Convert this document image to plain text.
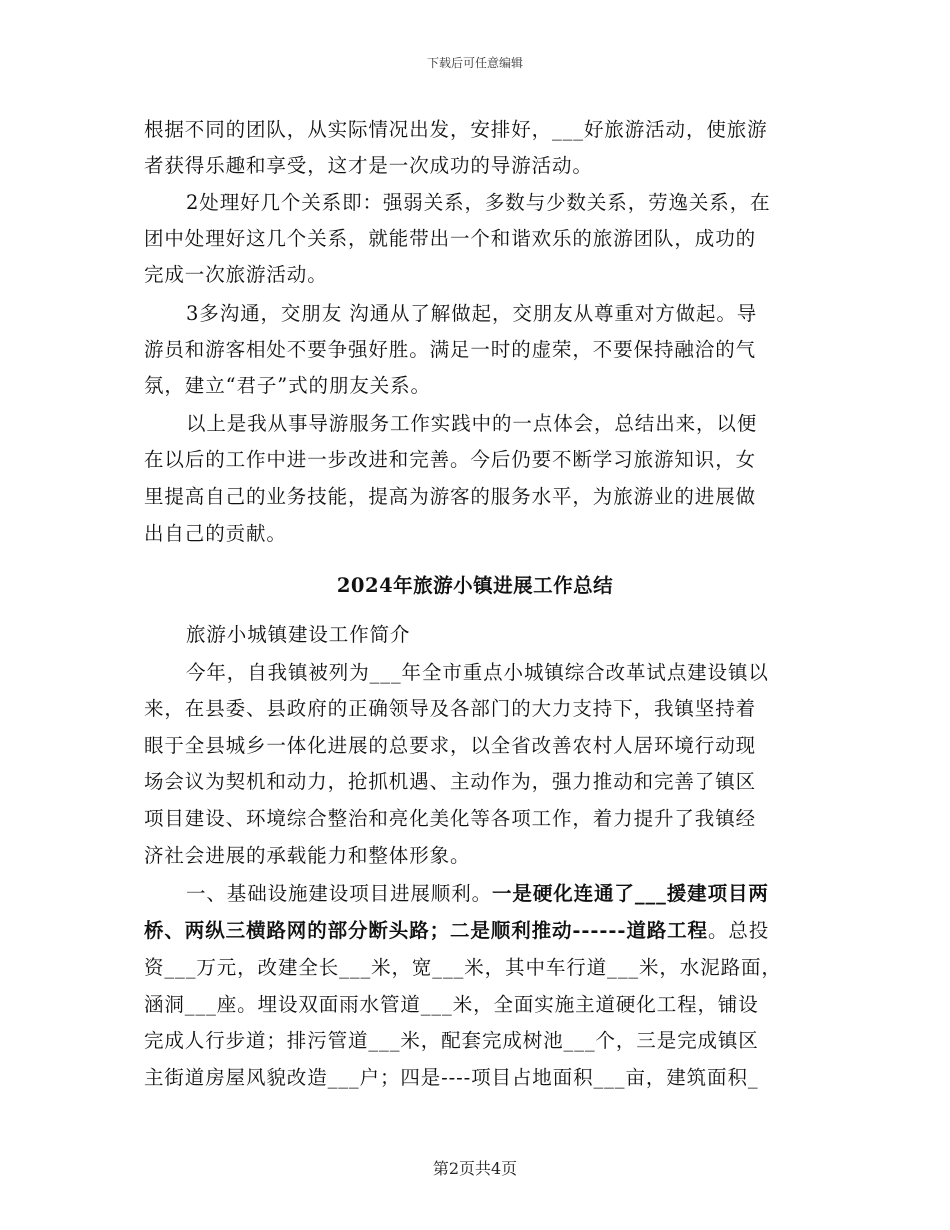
下载后可任意编辑
根据不同的团队，从实际情况出发，安排好，___好旅游活动，使旅游
者获得乐趣和享受，这才是一次成功的导游活动。
2处理好几个关系即：强弱关系，多数与少数关系，劳逸关系，在
团中处理好这几个关系，就能带出一个和谐欢乐的旅游团队，成功的
完成一次旅游活动。
3多沟通，交朋友 沟通从了解做起，交朋友从尊重对方做起。导
游员和游客相处不要争强好胜。满足一时的虚荣，不要保持融洽的气
氛，建立“君子”式的朋友关系。
以上是我从事导游服务工作实践中的一点体会，总结出来，以便
在以后的工作中进一步改进和完善。今后仍要不断学习旅游知识，女
里提高自己的业务技能，提高为游客的服务水平，为旅游业的进展做
出自己的贡献。
2024年旅游小镇进展工作总结
旅游小城镇建设工作简介
今年，自我镇被列为___年全市重点小城镇综合改革试点建设镇以
来，在县委、县政府的正确领导及各部门的大力支持下，我镇坚持着
眼于全县城乡一体化进展的总要求，以全省改善农村人居环境行动现
场会议为契机和动力，抢抓机遇、主动作为，强力推动和完善了镇区
项目建设、环境综合整治和亮化美化等各项工作，着力提升了我镇经
济社会进展的承载能力和整体形象。
一、基础设施建设项目进展顺利。一是硬化连通了___援建项目两
桥、两纵三横路网的部分断头路；二是顺利推动------道路工程。总投
资___万元，改建全长___米，宽___米，其中车行道___米，水泥路面，
涵洞___座。埋设双面雨水管道___米，全面实施主道硬化工程，铺设
完成人行步道；排污管道___米，配套完成树池___个，三是完成镇区
主街道房屋风貌改造___户；四是----项目占地面积___亩，建筑面积_
第2页共4页
